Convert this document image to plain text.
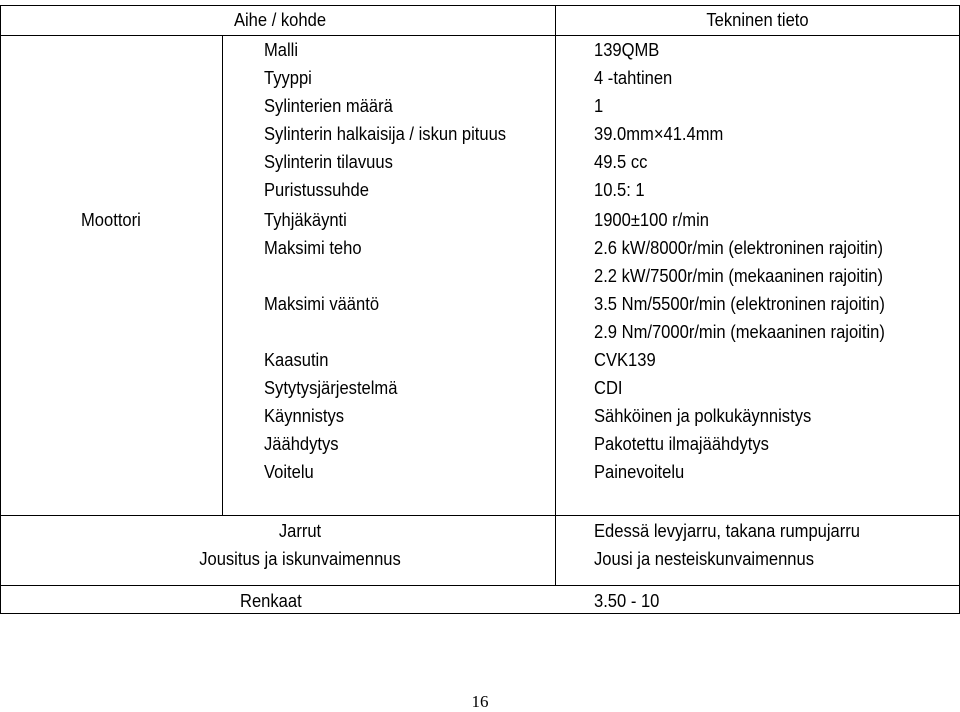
Aihe / kohde	Tekninen tieto
Moottori
Malli	139QMB
Tyyppi	4 -tahtinen
Sylinterien määrä	1
Sylinterin halkaisija / iskun pituus	39.0mm×41.4mm
Sylinterin tilavuus	49.5 cc
Puristussuhde	10.5: 1
Tyhjäkäynti	1900±100 r/min
Maksimi teho	2.6 kW/8000r/min (elektroninen rajoitin)
2.2 kW/7500r/min (mekaaninen rajoitin)
Maksimi vääntö	3.5 Nm/5500r/min (elektroninen rajoitin)
2.9 Nm/7000r/min (mekaaninen rajoitin)
Kaasutin	CVK139
Sytytysjärjestelmä	CDI
Käynnistys	Sähköinen ja polkukäynnistys
Jäähdytys	Pakotettu ilmajäähdytys
Voitelu	Painevoitelu
Jarrut	Edessä levyjarru, takana rumpujarru
Jousitus ja iskunvaimennus	Jousi ja nesteiskunvaimennus
Renkaat	3.50 - 10
16
